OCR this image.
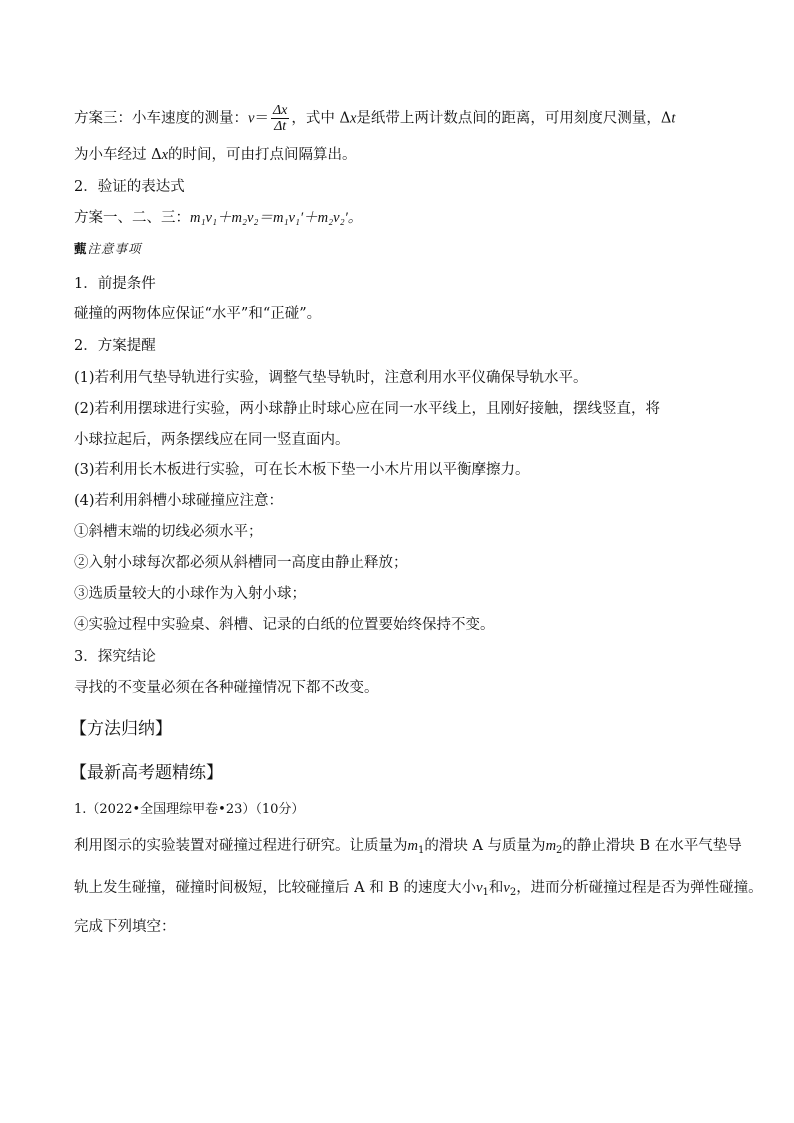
方案三：小车速度的测量：$v= \frac{\Delta x}{\Delta t}$ ，式中 Δx是纸带上两计数点间的距离，可用刻度尺测量，Δt
为小车经过 Δx的时间，可由打点间隔算出。
2．验证的表达式
方案一、二、三：m₁v₁＋m₂v₂＝m₁v₁′＋m₂v₂′。
薽注意事项
1．前提条件
碰撞的两物体应保证“水平”和“正碰”。
2．方案提醒
(1)若利用气垫导轨进行实验，调整气垫导轨时，注意利用水平仪确保导轨水平。
(2)若利用摆球进行实验，两小球静止时球心应在同一水平线上，且刚好接触，摆线竖直，将
小球拉起后，两条摆线应在同一竖直面内。
(3)若利用长木板进行实验，可在长木板下垫一小木片用以平衡摩擦力。
(4)若利用斜槽小球碰撞应注意：
①斜槽末端的切线必须水平；
②入射小球每次都必须从斜槽同一高度由静止释放；
③选质量较大的小球作为入射小球；
④实验过程中实验桌、斜槽、记录的白纸的位置要始终保持不变。
3．探究结论
寻找的不变量必须在各种碰撞情况下都不改变。
【方法归纳】
【最新高考题精练】
1.（2022•全国理综甲卷•23）（10分）
利用图示的实验装置对碰撞过程进行研究。让质量为$m_1$的滑块 A 与质量为$m_2$的静止滑块 B 在水平气垫导
轨上发生碰撞，碰撞时间极短，比较碰撞后 A 和 B 的速度大小$v_1$和$v_2$，进而分析碰撞过程是否为弹性碰撞。
完成下列填空：
